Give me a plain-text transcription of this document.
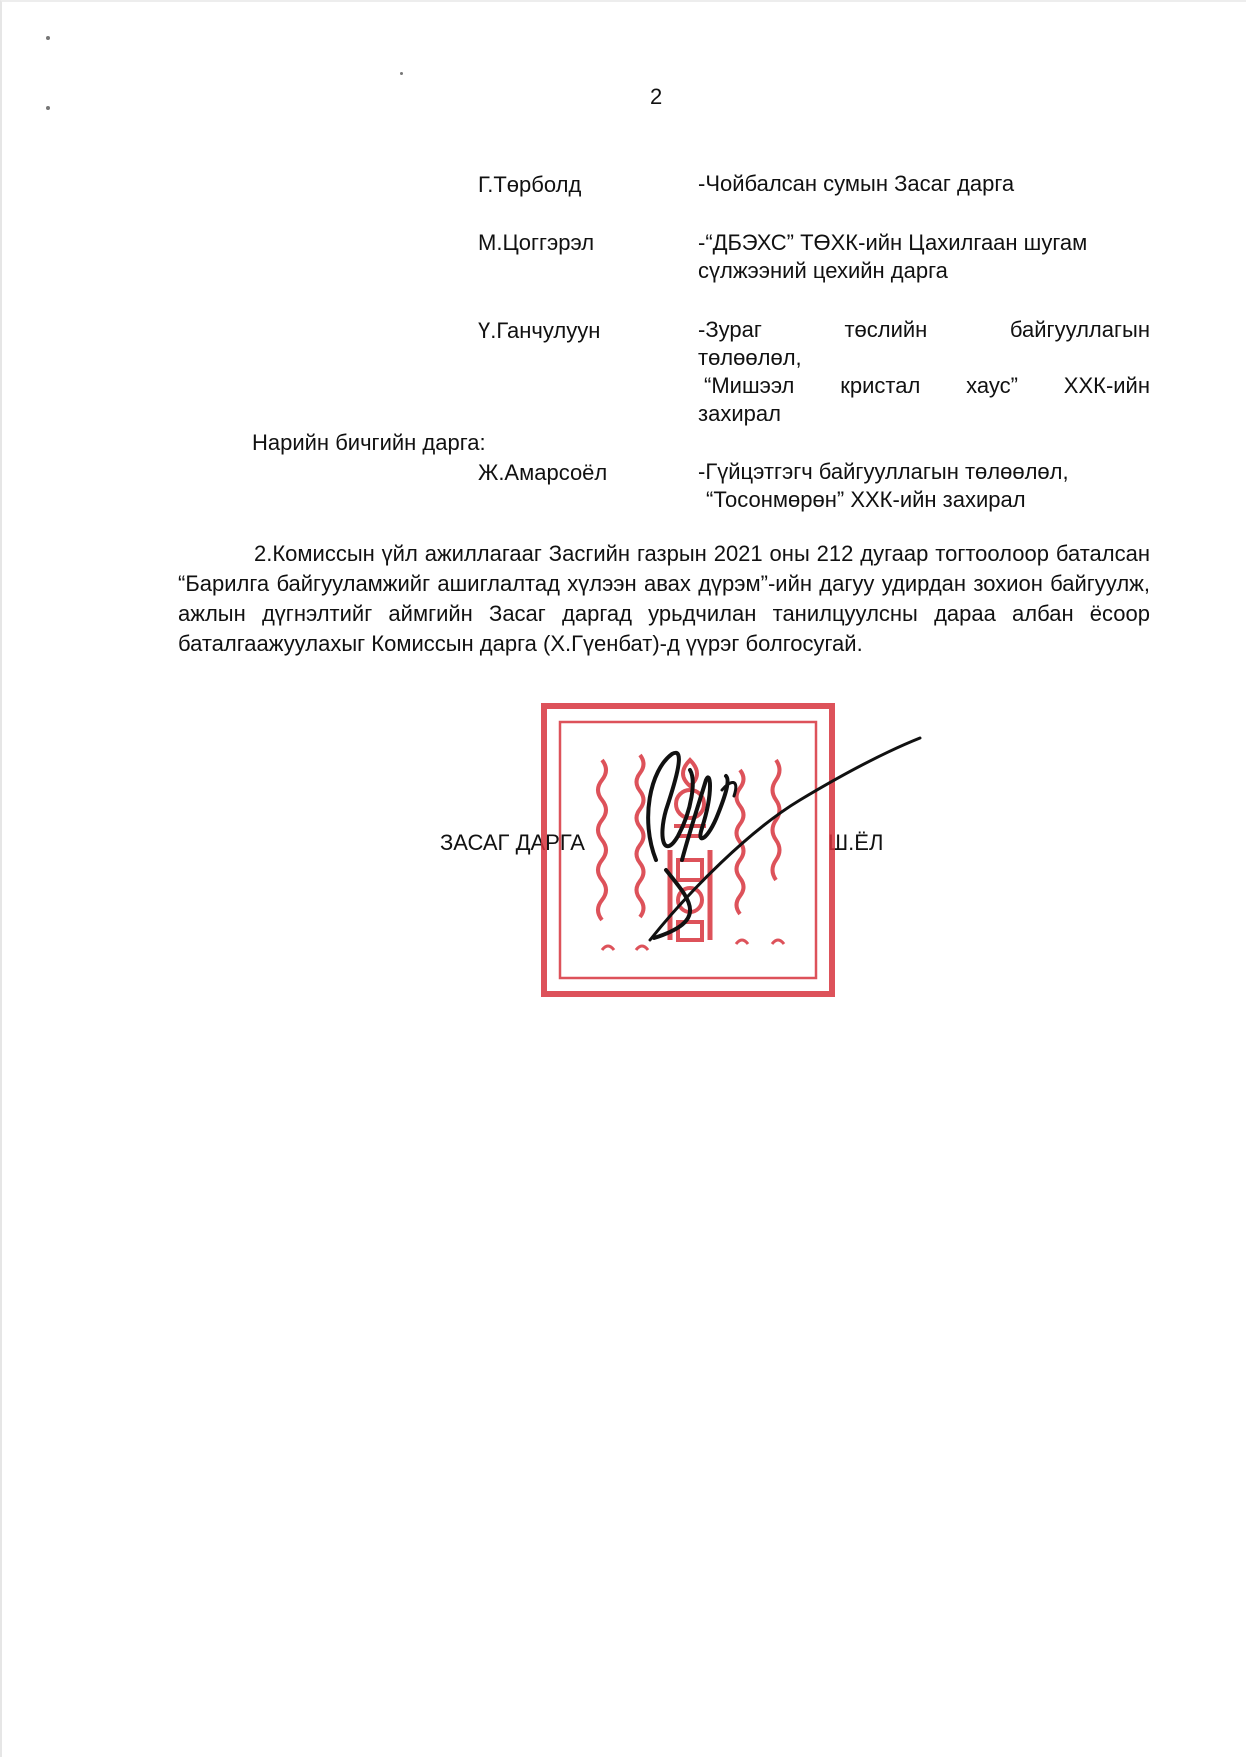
2
Г.Төрболд	-Чойбалсан сумын Засаг дарга
М.Цоггэрэл	-“ДБЭХС” ТӨХК-ийн Цахилгаан шугам
сүлжээний цехийн дарга
Ү.Ганчулуун	-Зураг төслийн байгууллагын
төлөөлөл,
“Мишээл кристал хаус” ХХК-ийн
захирал
Нарийн бичгийн дарга:
Ж.Амарсоёл	-Гүйцэтгэгч байгууллагын төлөөлөл,
“Тосонмөрөн” ХХК-ийн захирал
2.Комиссын үйл ажиллагааг Засгийн газрын 2021 оны 212 дугаар тогтоолоор баталсан “Барилга байгууламжийг ашиглалтад хүлээн авах дүрэм”-ийн дагуу удирдан зохион байгуулж, ажлын дүгнэлтийг аймгийн Засаг даргад урьдчилан танилцуулсны дараа албан ёсоор баталгаажуулахыг Комиссын дарга (Х.Гүенбат)-д үүрэг болгосугай.
ЗАСАГ ДАРГА	Ш.ЁЛ
